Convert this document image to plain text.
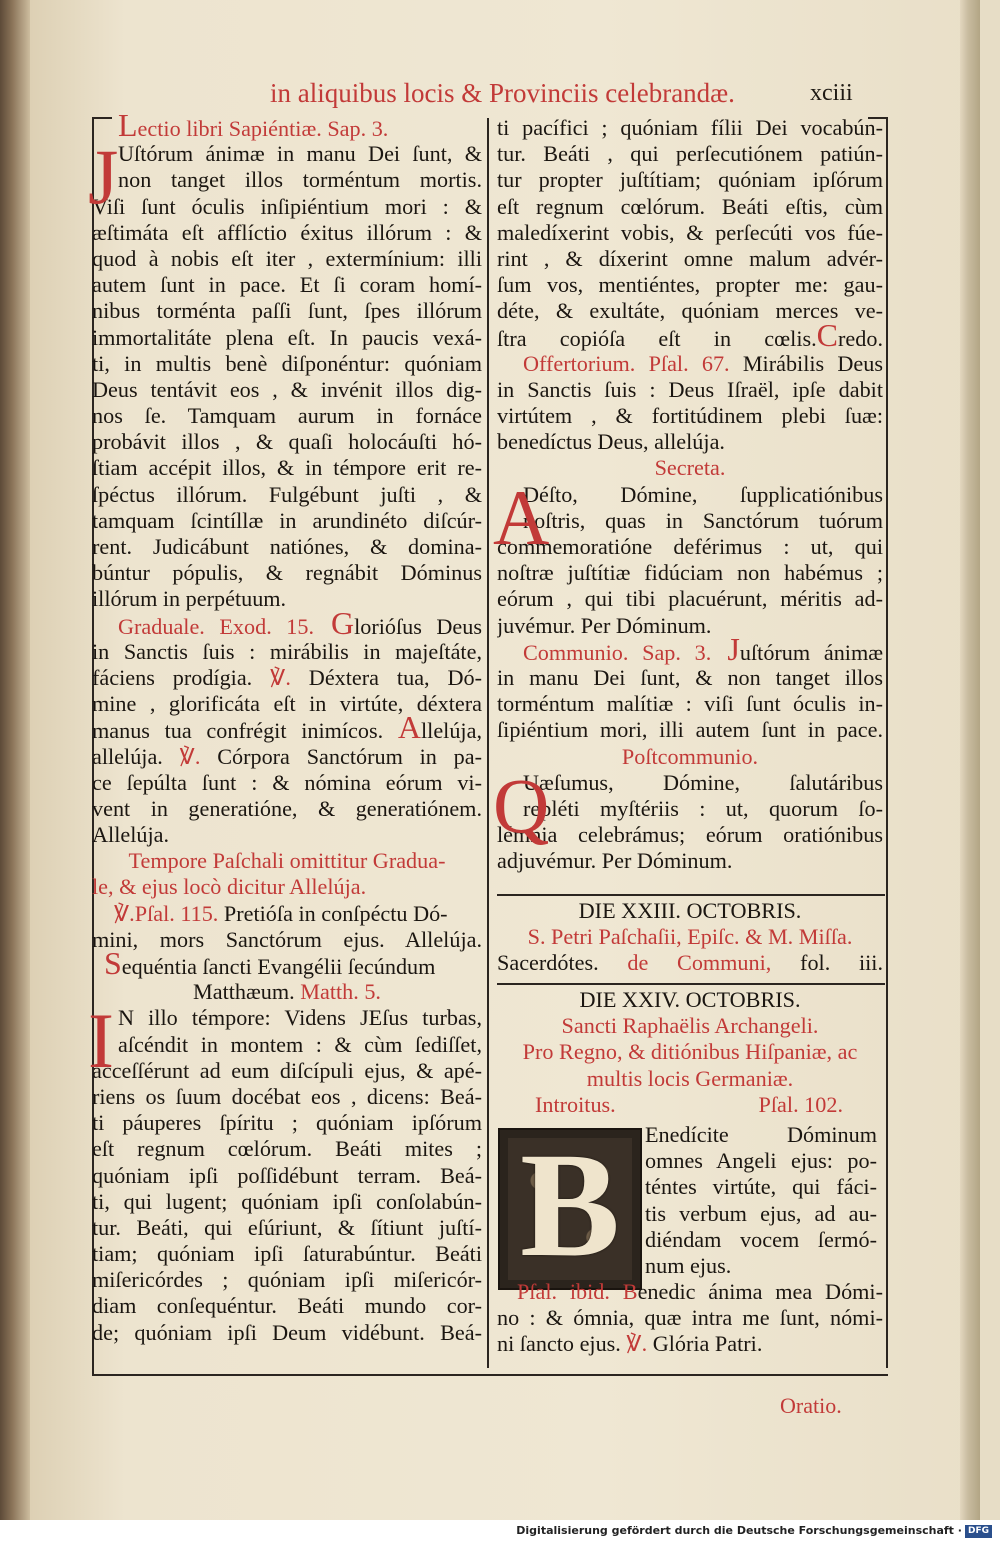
in aliquibus locis & Provinciis celebrandæ.	xciii
Lectio libri Sapiéntiæ. Sap. 3.
J Uſtórum ánimæ in manu Dei ſunt, &
non tanget illos torméntum mortis.
Viſi ſunt óculis inſipiéntium mori : &
æſtimáta eſt afflíctio éxitus illórum : &
quod à nobis eſt iter , extermínium: illi
autem ſunt in pace. Et ſi coram homí-
nibus torménta paſſi ſunt, ſpes illórum
immortalitáte plena eſt. In paucis vexá-
ti, in multis benè diſponéntur: quóniam
Deus tentávit eos , & invénit illos dig-
nos ſe. Tamquam aurum in fornáce
probávit illos , & quaſi holocáuſti hó-
ſtiam accépit illos, & in témpore erit re-
ſpéctus illórum. Fulgébunt juſti , &
tamquam ſcintíllæ in arundinéto diſcúr-
rent. Judicábunt natiónes, & domina-
búntur pópulis, & regnábit Dóminus
illórum in perpétuum.
Graduale. Exod. 15. Glorióſus Deus
in Sanctis ſuis : mirábilis in majeſtáte,
fáciens prodígia. ℣. Déxtera tua, Dó-
mine , glorificáta eſt in virtúte, déxtera
manus tua confrégit inimícos. Allelúja,
allelúja. ℣. Córpora Sanctórum in pa-
ce ſepúlta ſunt : & nómina eórum vi-
vent in generatióne, & generatiónem.
Allelúja.
Tempore Paſchali omittitur Gradua-
le, & ejus locò dicitur Allelúja.
℣.Pſal. 115. Pretióſa in conſpéctu Dó-
mini, mors Sanctórum ejus. Allelúja.
Sequéntia ſancti Evangélii ſecúndum
Matthæum. Matth. 5.
I N illo témpore: Videns JEſus turbas,
aſcéndit in montem : & cùm ſediſſet,
acceſſérunt ad eum diſcípuli ejus, & apé-
riens os ſuum docébat eos , dicens: Beá-
ti páuperes ſpíritu ; quóniam ipſórum
eſt regnum cœlórum. Beáti mites ;
quóniam ipſi poſſidébunt terram. Beá-
ti, qui lugent; quóniam ipſi conſolabún-
tur. Beáti, qui eſúriunt, & ſítiunt juſtí-
tiam; quóniam ipſi ſaturabúntur. Beáti
miſericórdes ; quóniam ipſi miſericór-
diam conſequéntur. Beáti mundo cor-
de; quóniam ipſi Deum vidébunt. Beá-
ti pacífici ; quóniam fílii Dei vocabún-
tur. Beáti , qui perſecutiónem patiún-
tur propter juſtítiam; quóniam ipſórum
eſt regnum cœlórum. Beáti eſtis, cùm
maledíxerint vobis, & perſecúti vos fúe-
rint , & díxerint omne malum advér-
ſum vos, mentiéntes, propter me: gau-
déte, & exultáte, quóniam merces ve-
ſtra copióſa eſt in cœlis.Credo.
Offertorium. Pſal. 67. Mirábilis Deus
in Sanctis ſuis : Deus Iſraël, ipſe dabit
virtútem , & fortitúdinem plebi ſuæ:
benedíctus Deus, allelúja.
Secreta.
A
Déſto, Dómine, ſupplicatiónibus
noſtris, quas in Sanctórum tuórum
commemoratióne deférimus : ut, qui
noſtræ juſtítiæ fidúciam non habémus ;
eórum , qui tibi placuérunt, méritis ad-
juvémur. Per Dóminum.
Communio. Sap. 3. Juſtórum ánimæ
in manu Dei ſunt, & non tanget illos
torméntum malítiæ : viſi ſunt óculis in-
ſipiéntium mori, illi autem ſunt in pace.
Poſtcommunio.
Q
Uæſumus, Dómine, ſalutáribus
repléti myſtériis : ut, quorum ſo-
lémnia celebrámus; eórum oratiónibus
adjuvémur. Per Dóminum.
DIE XXIII. OCTOBRIS.
S. Petri Paſchaſii, Epiſc. & M. Miſſa.
Sacerdótes. de Communi, fol. iii.
DIE XXIV. OCTOBRIS.
Sancti Raphaëlis Archangeli.
Pro Regno, & ditiónibus Hiſpaniæ, ac
multis locis Germaniæ.
Introitus.	Pſal. 102.
B	Enedícite Dóminum
omnes Angeli ejus: po-
téntes virtúte, qui fáci-
tis verbum ejus, ad au-
diéndam vocem ſermó-
num ejus.
Pſal. ibid. Benedic ánima mea Dómi-
no : & ómnia, quæ intra me ſunt, nómi-
ni ſancto ejus. ℣. Glória Patri.
Oratio.
Digitalisierung gefördert durch die Deutsche Forschungsgemeinschaft · DFG
